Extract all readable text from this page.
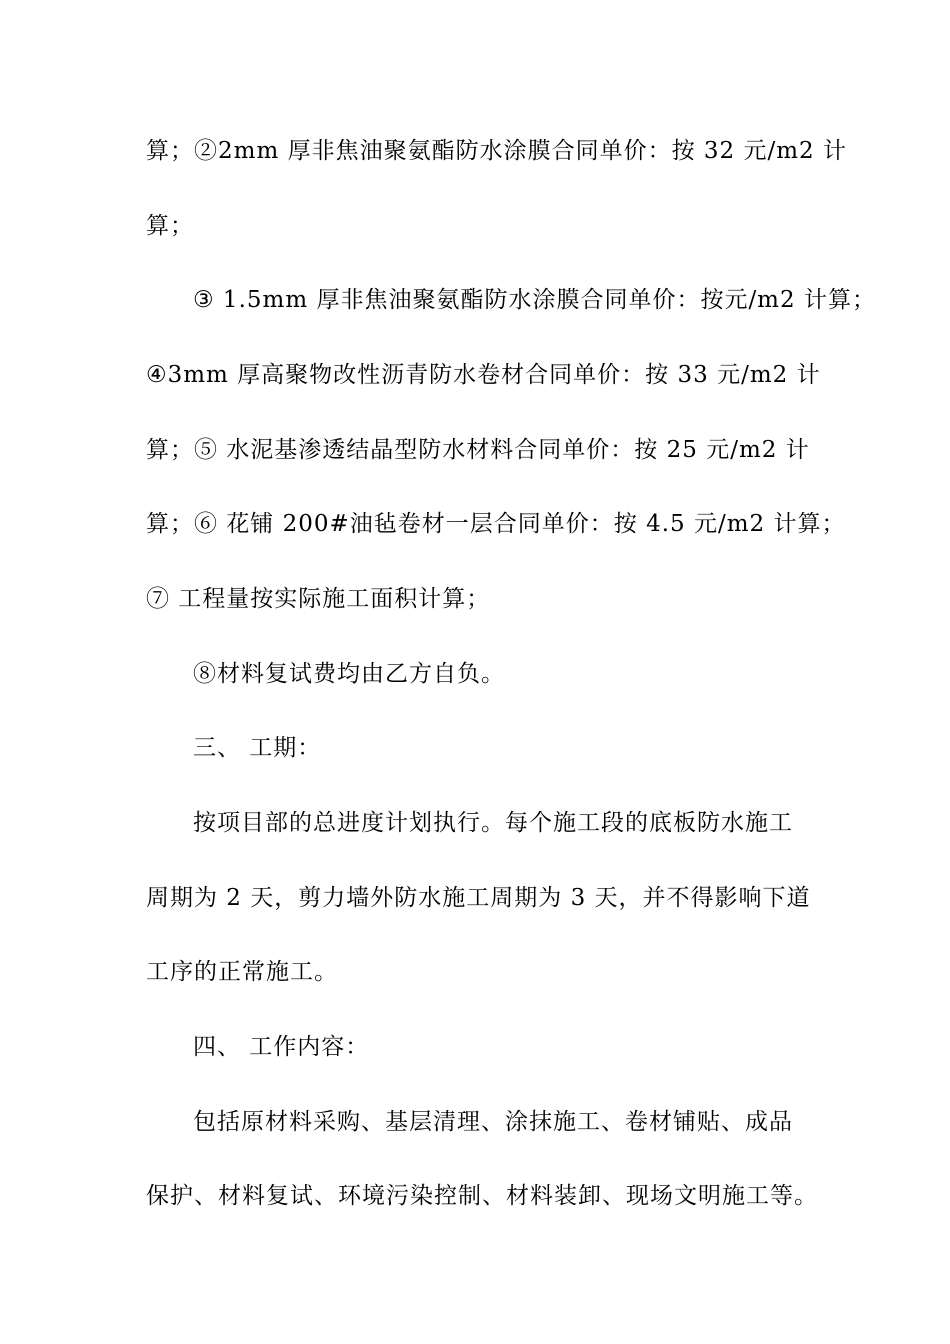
算；②2mm 厚非焦油聚氨酯防水涂膜合同单价：按 32 元/m2 计
算；
③ 1.5mm 厚非焦油聚氨酯防水涂膜合同单价：按元/m2 计算；
④3mm 厚高聚物改性沥青防水卷材合同单价：按 33 元/m2 计
算；⑤ 水泥基渗透结晶型防水材料合同单价：按 25 元/m2 计
算；⑥ 花铺 200#油毡卷材一层合同单价：按 4.5 元/m2 计算；
⑦ 工程量按实际施工面积计算；
⑧材料复试费均由乙方自负。
三、 工期：
按项目部的总进度计划执行。每个施工段的底板防水施工
周期为 2 天，剪力墙外防水施工周期为 3 天，并不得影响下道
工序的正常施工。
四、 工作内容：
包括原材料采购、基层清理、涂抹施工、卷材铺贴、成品
保护、材料复试、环境污染控制、材料装卸、现场文明施工等。
